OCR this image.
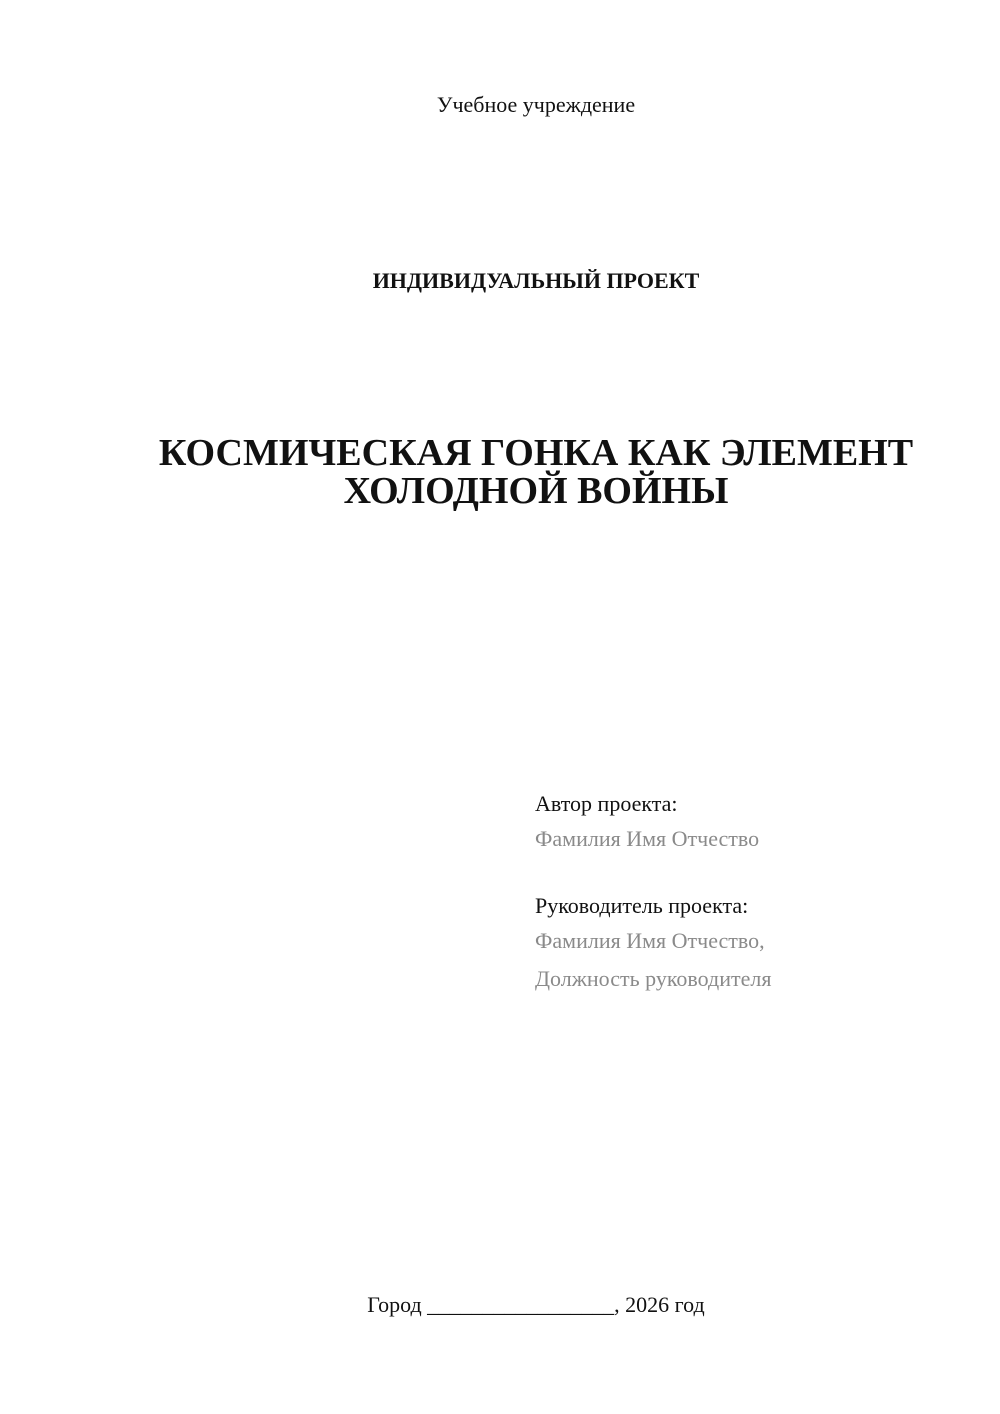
Учебное учреждение
ИНДИВИДУАЛЬНЫЙ ПРОЕКТ
КОСМИЧЕСКАЯ ГОНКА КАК ЭЛЕМЕНТ
ХОЛОДНОЙ ВОЙНЫ
Автор проекта:
Фамилия Имя Отчество
Руководитель проекта:
Фамилия Имя Отчество,
Должность руководителя
Город _________________, 2026 год
